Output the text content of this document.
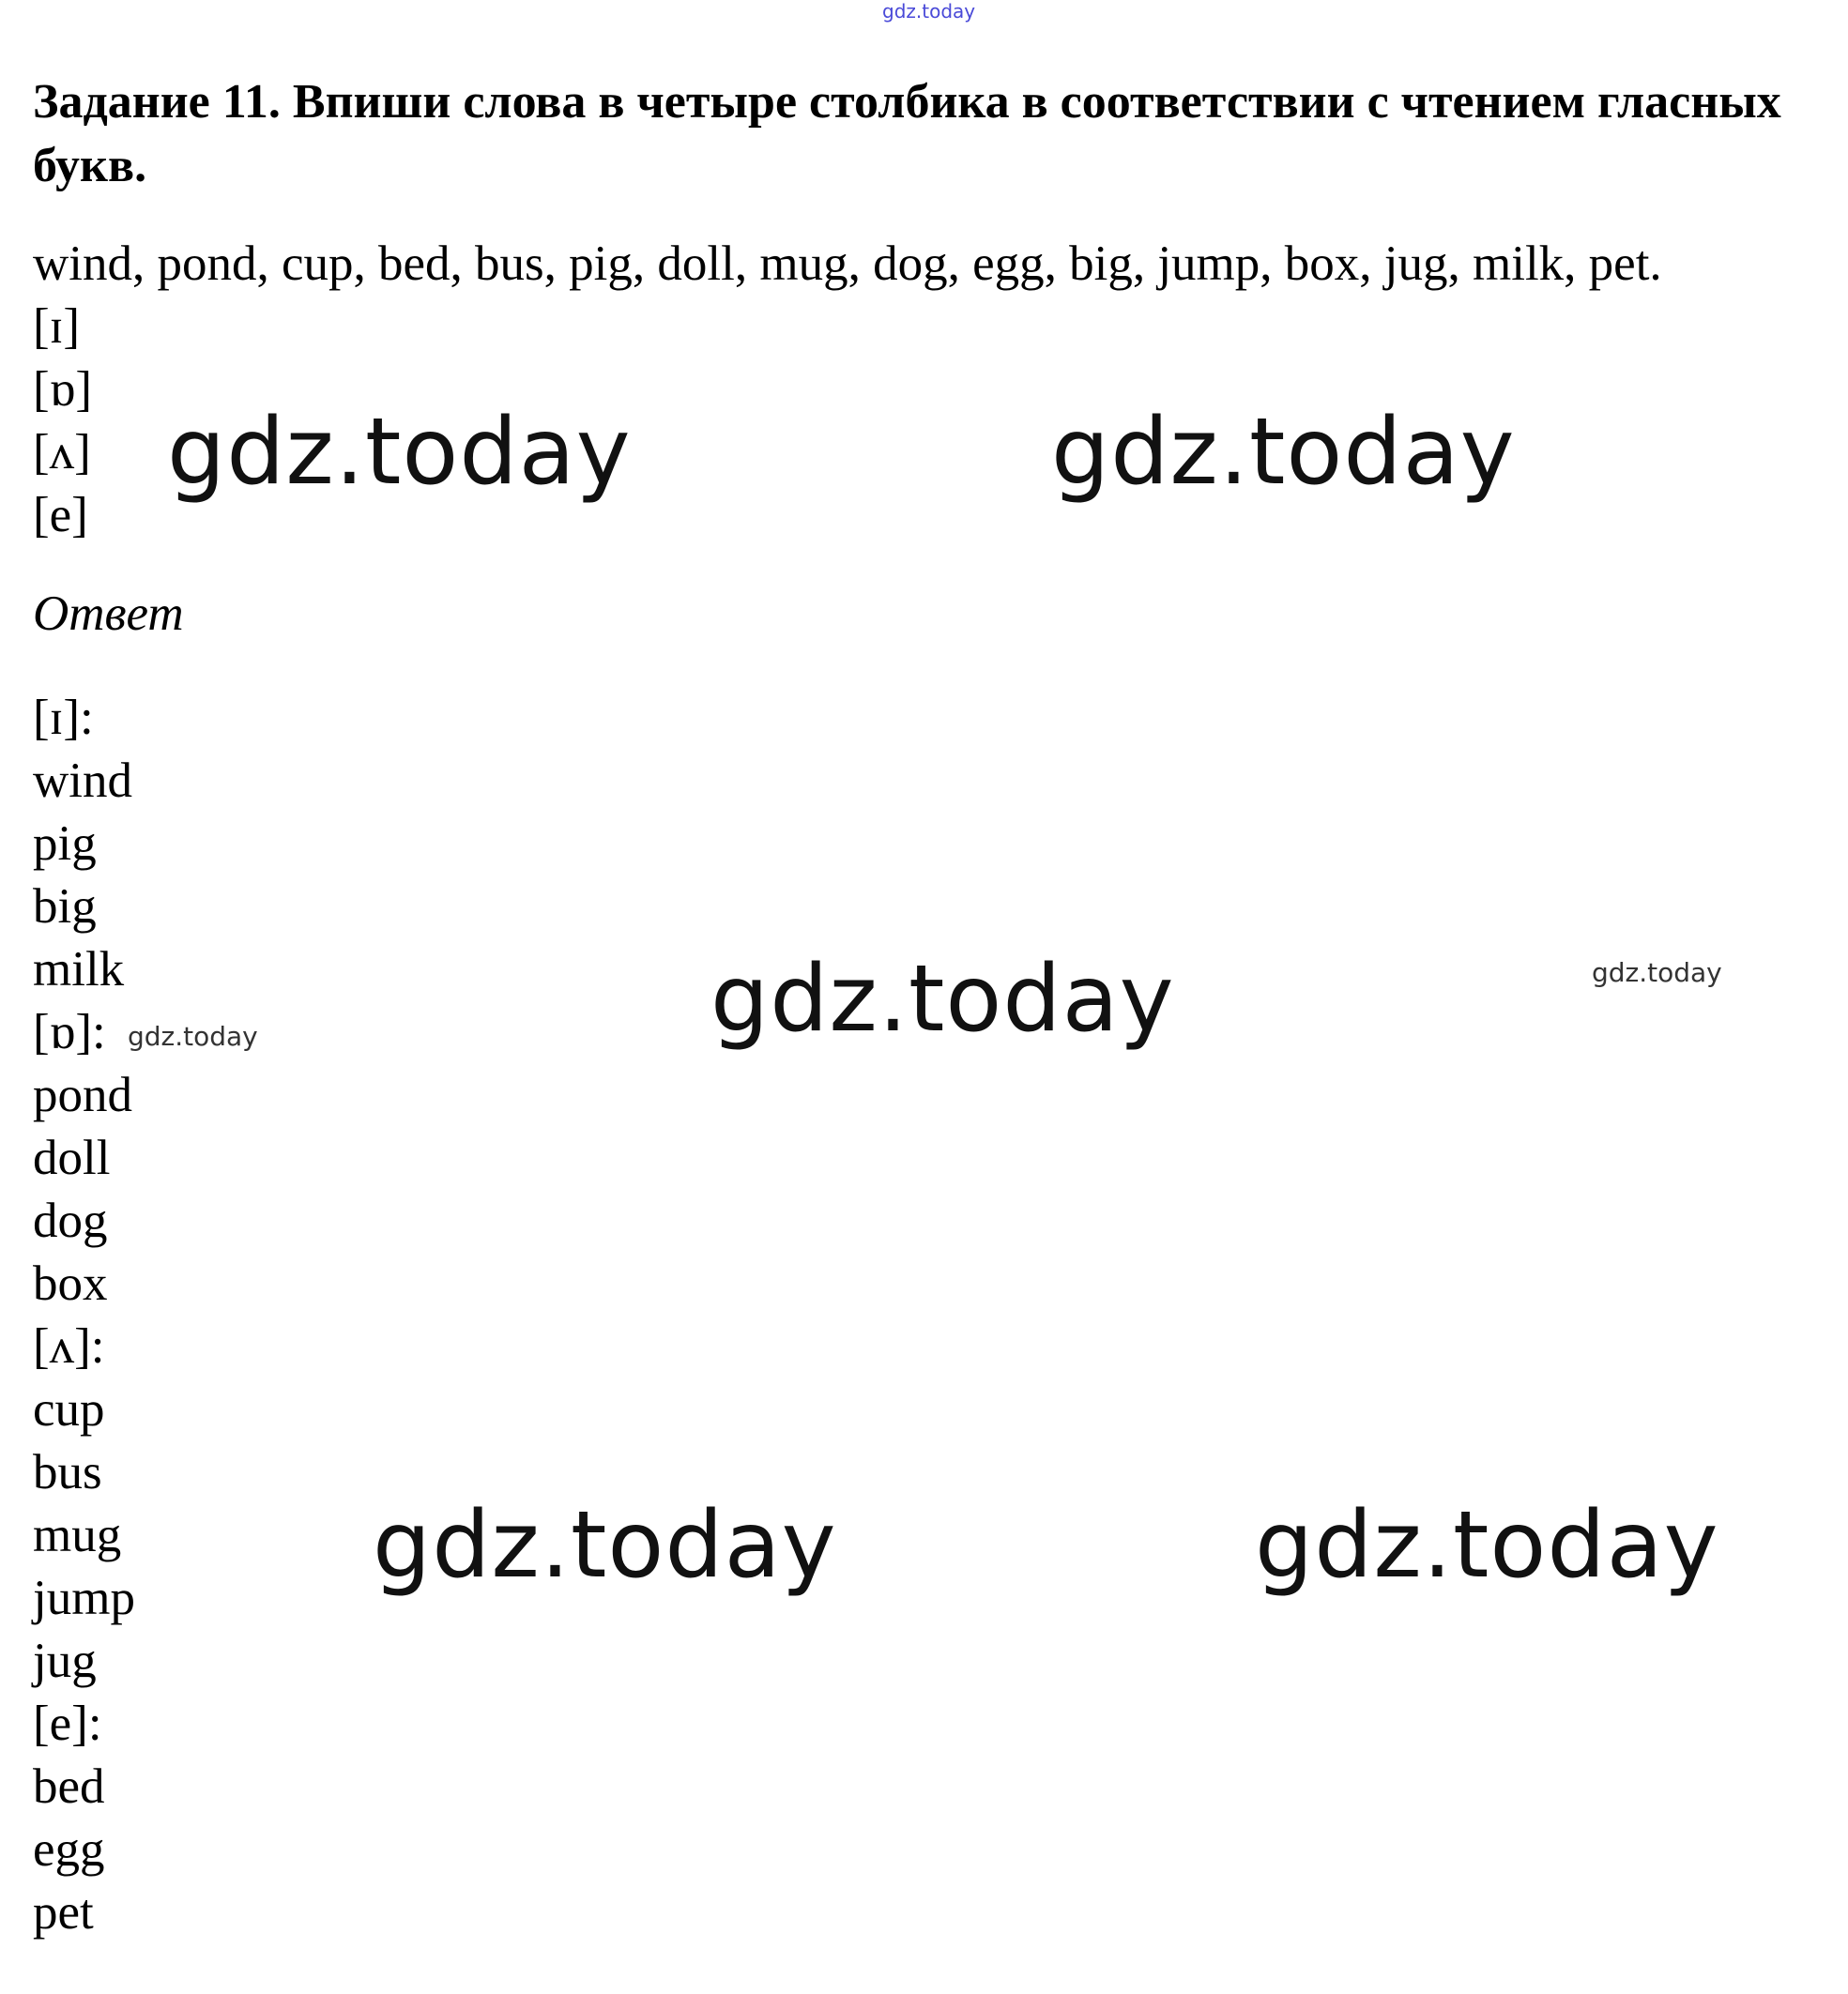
gdz.today
Задание 11. Впиши слова в четыре столбика в соответствии с чтением гласных букв.
wind, pond, cup, bed, bus, pig, doll, mug, dog, egg, big, jump, box, jug, milk, pet.
[ɪ]
[ɒ]
[ʌ]
[e]
Ответ
[ɪ]:
wind
pig
big
milk
[ɒ]:
pond
doll
dog
box
[ʌ]:
cup
bus
mug
jump
jug
[e]:
bed
egg
pet
gdz.today	gdz.today
gdz.today
gdz.today	gdz.today
gdz.today
gdz.today
